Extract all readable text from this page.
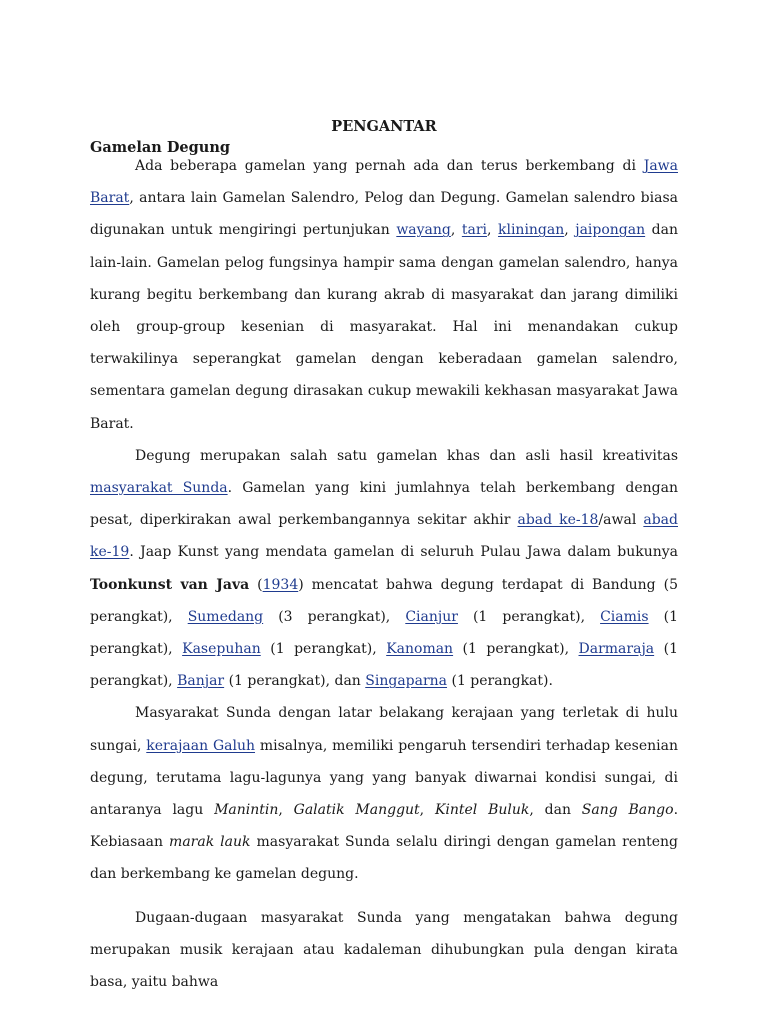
PENGANTAR
Gamelan Degung

Ada beberapa gamelan yang pernah ada dan terus berkembang di Jawa Barat, antara lain Gamelan Salendro, Pelog dan Degung. Gamelan salendro biasa digunakan untuk mengiringi pertunjukan wayang, tari, kliningan, jaipongan dan lain-lain. Gamelan pelog fungsinya hampir sama dengan gamelan salendro, hanya kurang begitu berkembang dan kurang akrab di masyarakat dan jarang dimiliki oleh group-group kesenian di masyarakat. Hal ini menandakan cukup terwakilinya seperangkat gamelan dengan keberadaan gamelan salendro, sementara gamelan degung dirasakan cukup mewakili kekhasan masyarakat Jawa Barat.

Degung merupakan salah satu gamelan khas dan asli hasil kreativitas masyarakat Sunda. Gamelan yang kini jumlahnya telah berkembang dengan pesat, diperkirakan awal perkembangannya sekitar akhir abad ke-18/awal abad ke-19. Jaap Kunst yang mendata gamelan di seluruh Pulau Jawa dalam bukunya Toonkunst van Java (1934) mencatat bahwa degung terdapat di Bandung (5 perangkat), Sumedang (3 perangkat), Cianjur (1 perangkat), Ciamis (1 perangkat), Kasepuhan (1 perangkat), Kanoman (1 perangkat), Darmaraja (1 perangkat), Banjar (1 perangkat), dan Singaparna (1 perangkat).

Masyarakat Sunda dengan latar belakang kerajaan yang terletak di hulu sungai, kerajaan Galuh misalnya, memiliki pengaruh tersendiri terhadap kesenian degung, terutama lagu-lagunya yang yang banyak diwarnai kondisi sungai, di antaranya lagu Manintin, Galatik Manggut, Kintel Buluk, dan Sang Bango. Kebiasaan marak lauk masyarakat Sunda selalu diringi dengan gamelan renteng dan berkembang ke gamelan degung.

Dugaan-dugaan masyarakat Sunda yang mengatakan bahwa degung merupakan musik kerajaan atau kadaleman dihubungkan pula dengan kirata basa, yaitu bahwa
